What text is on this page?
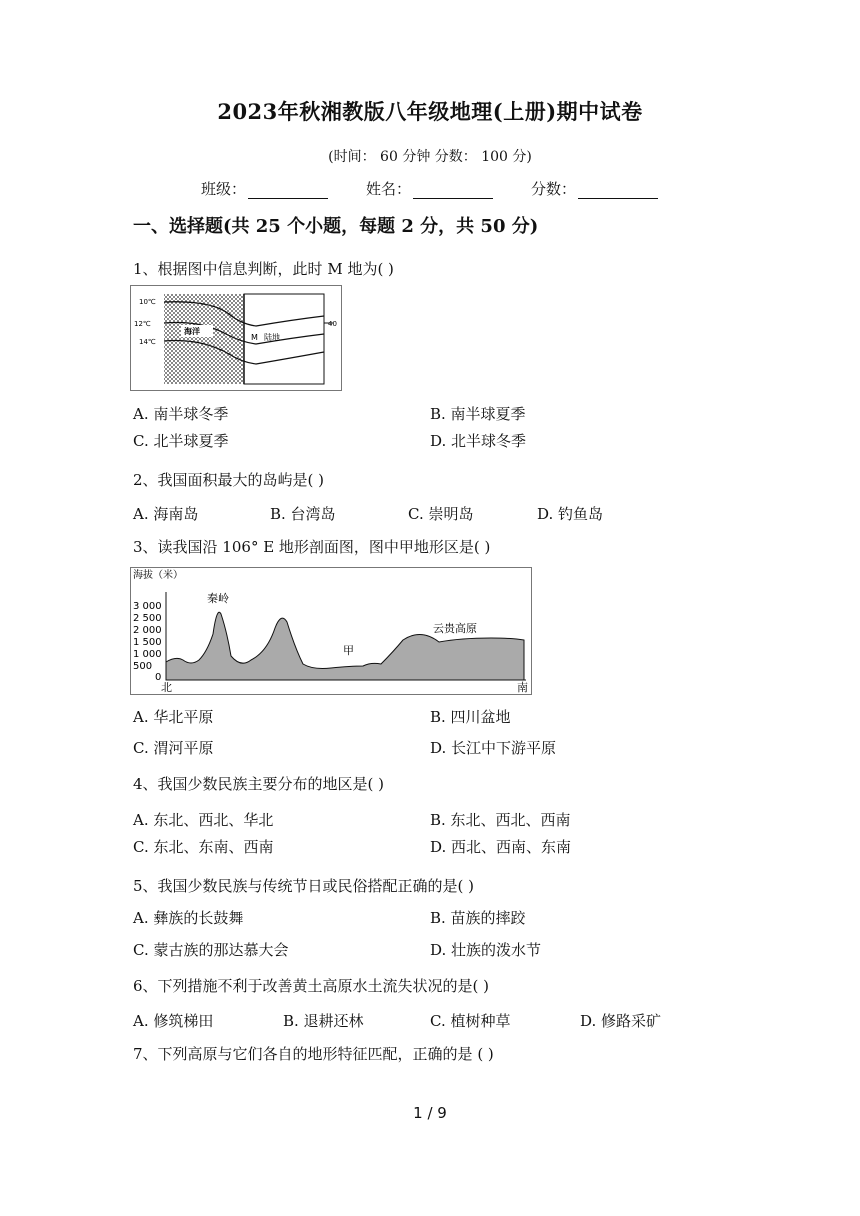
2023年秋湘教版八年级地理(上册)期中试卷
(时间： 60 分钟 分数： 100 分)
班级：	姓名：	分数：
一、选择题(共 25 个小题，每题 2 分，共 50 分)
1、根据图中信息判断，此时 M 地为( )
10℃
12℃
14℃
海洋
M 陆地
40
A. 南半球冬季	B. 南半球夏季
C. 北半球夏季	D. 北半球冬季
2、我国面积最大的岛屿是( )
A. 海南岛	B. 台湾岛	C. 崇明岛	D. 钓鱼岛
3、读我国沿 106° E 地形剖面图，图中甲地形区是( )
海拔（米）
3 000
2 500
2 000
1 500
1 000
500
0
北	南
秦岭
甲
云贵高原
A. 华北平原	B. 四川盆地
C. 渭河平原	D. 长江中下游平原
4、我国少数民族主要分布的地区是( )
A. 东北、西北、华北	B. 东北、西北、西南
C. 东北、东南、西南	D. 西北、西南、东南
5、我国少数民族与传统节日或民俗搭配正确的是( )
A. 彝族的长鼓舞	B. 苗族的摔跤
C. 蒙古族的那达慕大会	D. 壮族的泼水节
6、下列措施不利于改善黄土高原水土流失状况的是( )
A. 修筑梯田	B. 退耕还林	C. 植树种草	D. 修路采矿
7、下列高原与它们各自的地形特征匹配，正确的是 ( )
1 / 9
